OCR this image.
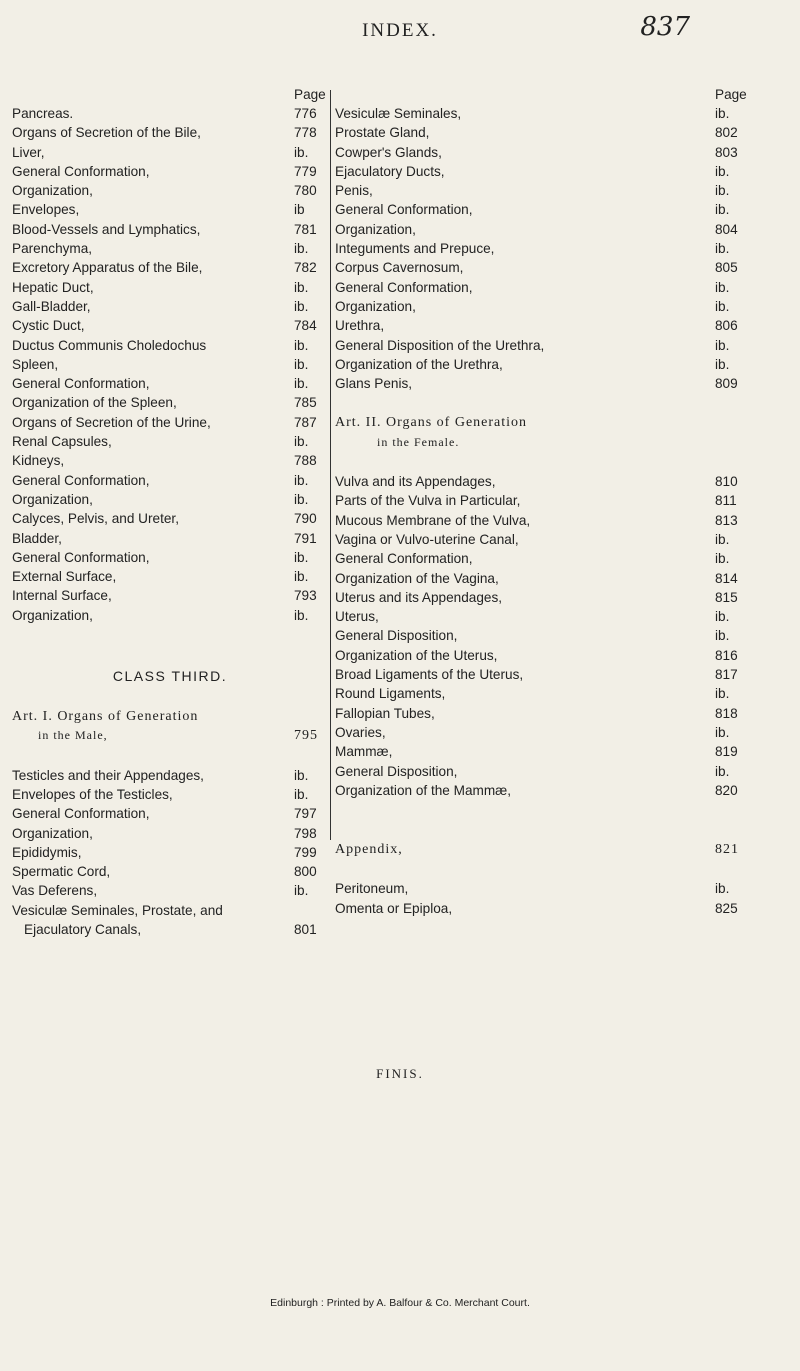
INDEX.	837
Page
Pancreas.	776
Organs of Secretion of the Bile,	778
Liver,	ib.
General Conformation,	779
Organization,	780
Envelopes,	ib
Blood-Vessels and Lymphatics,	781
Parenchyma,	ib.
Excretory Apparatus of the Bile,	782
Hepatic Duct,	ib.
Gall-Bladder,	ib.
Cystic Duct,	784
Ductus Communis Choledochus	ib.
Spleen,	ib.
General Conformation,	ib.
Organization of the Spleen,	785
Organs of Secretion of the Urine,	787
Renal Capsules,	ib.
Kidneys,	788
General Conformation,	ib.
Organization,	ib.
Calyces, Pelvis, and Ureter,	790
Bladder,	791
General Conformation,	ib.
External Surface,	ib.
Internal Surface,	793
Organization,	ib.
CLASS THIRD.
Art. I. Organs of Generation
in the Male,	795
Testicles and their Appendages,	ib.
Envelopes of the Testicles,	ib.
General Conformation,	797
Organization,	798
Epididymis,	799
Spermatic Cord,	800
Vas Deferens,	ib.
Vesiculæ Seminales, Prostate, and
Ejaculatory Canals,	801
Page
Vesiculæ Seminales,	ib.
Prostate Gland,	802
Cowper's Glands,	803
Ejaculatory Ducts,	ib.
Penis,	ib.
General Conformation,	ib.
Organization,	804
Integuments and Prepuce,	ib.
Corpus Cavernosum,	805
General Conformation,	ib.
Organization,	ib.
Urethra,	806
General Disposition of the Urethra,	ib.
Organization of the Urethra,	ib.
Glans Penis,	809
Art. II. Organs of Generation
in the Female.
Vulva and its Appendages,	810
Parts of the Vulva in Particular,	811
Mucous Membrane of the Vulva,	813
Vagina or Vulvo-uterine Canal,	ib.
General Conformation,	ib.
Organization of the Vagina,	814
Uterus and its Appendages,	815
Uterus,	ib.
General Disposition,	ib.
Organization of the Uterus,	816
Broad Ligaments of the Uterus,	817
Round Ligaments,	ib.
Fallopian Tubes,	818
Ovaries,	ib.
Mammæ,	819
General Disposition,	ib.
Organization of the Mammæ,	820
Appendix,	821
Peritoneum,	ib.
Omenta or Epiploa,	825
FINIS.
Edinburgh : Printed by A. Balfour & Co. Merchant Court.
